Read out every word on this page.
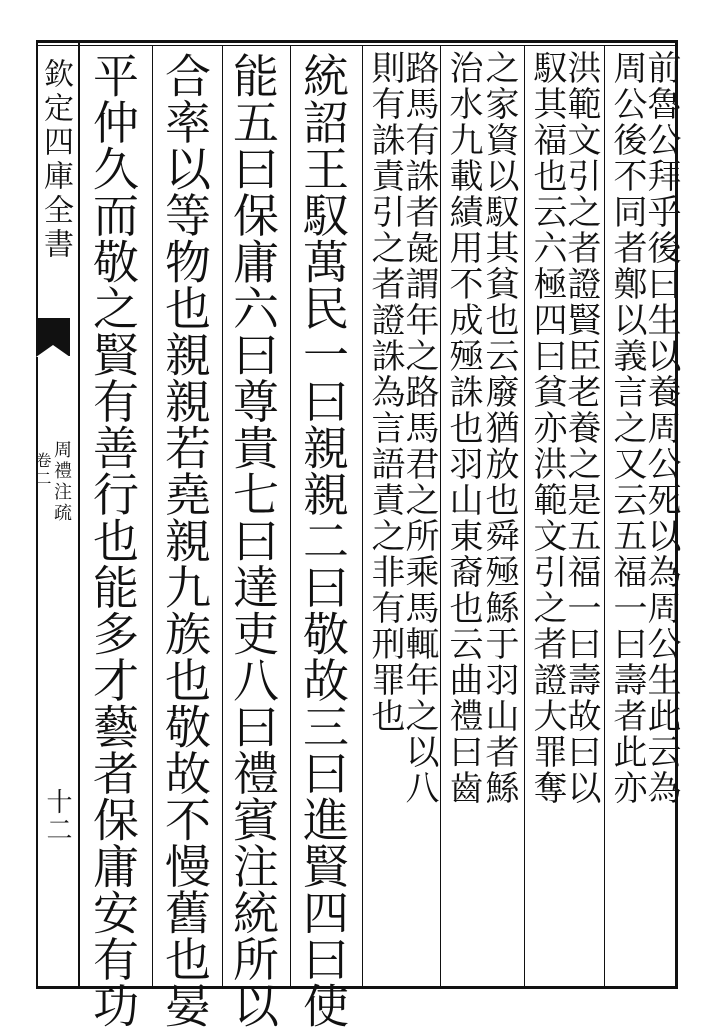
欽定四庫全書
卷二 周禮注疏
十二
前魯公拜乎後曰生以養周公死以為周公生此云為
周公後不同者鄭以義言之又云五福一曰壽者此亦
洪範文引之者證賢臣老養之是五福一曰壽故曰以
馭其福也云六極四曰貧亦洪範文引之者證大罪奪
之家資以馭其貧也云廢猶放也舜殛鯀于羽山者鯀
治水九載績用不成殛誅也羽山東裔也云曲禮曰齒
路馬有誅者彘謂年之路馬君之所乘馬輒年之以八
則有誅責引之者證誅為言語責之非有刑罪也
統詔王馭萬民一曰親親二曰敬故三曰進賢四曰使
能五曰保庸六曰尊貴七曰達吏八曰禮賓注統所以
合率以等物也親親若堯親九族也敬故不慢舊也晏
平仲久而敬之賢有善行也能多才藝者保庸安有功
